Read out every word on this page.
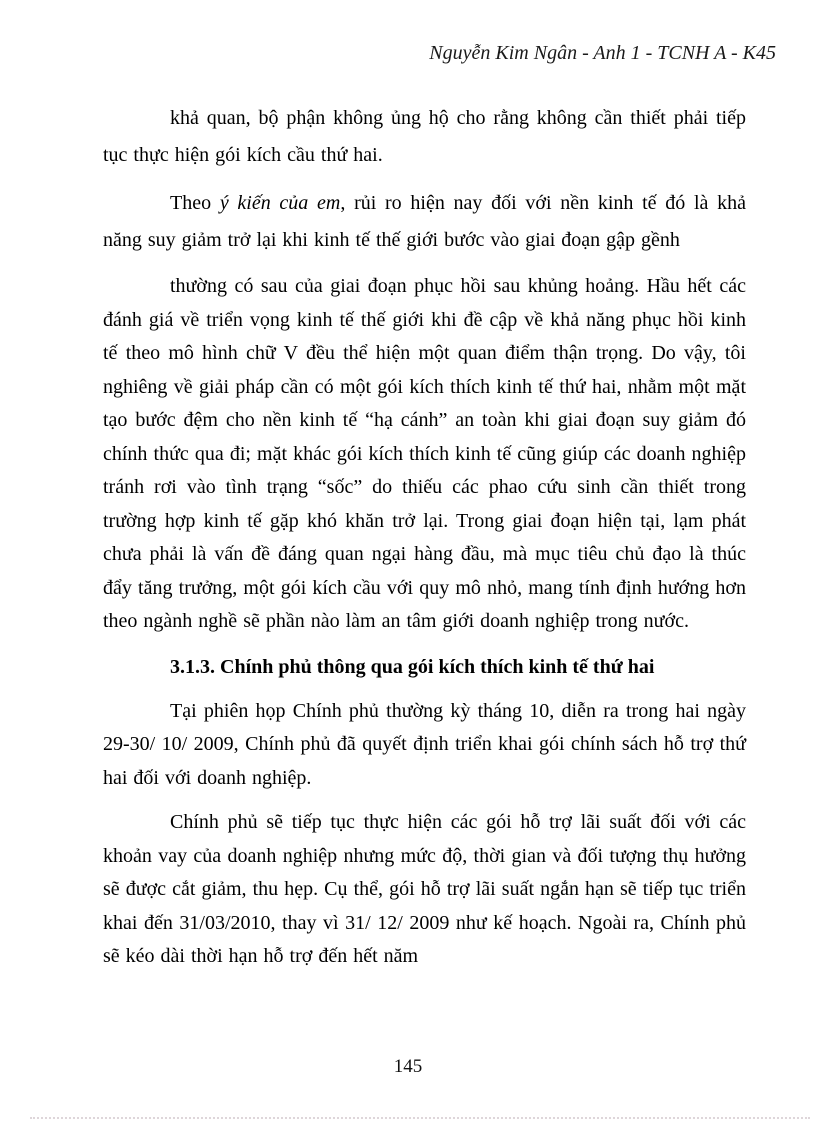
Nguyễn Kim Ngân - Anh 1 - TCNH A - K45

khả quan, bộ phận không ủng hộ cho rằng không cần thiết phải tiếp tục thực hiện gói kích cầu thứ hai.

Theo ý kiến của em, rủi ro hiện nay đối với nền kinh tế đó là khả năng suy giảm trở lại khi kinh tế thế giới bước vào giai đoạn gập gềnh

thường có sau của giai đoạn phục hồi sau khủng hoảng. Hầu hết các đánh giá về triển vọng kinh tế thế giới khi đề cập về khả năng phục hồi kinh tế theo mô hình chữ V đều thể hiện một quan điểm thận trọng. Do vậy, tôi nghiêng về giải pháp cần có một gói kích thích kinh tế thứ hai, nhằm một mặt tạo bước đệm cho nền kinh tế “hạ cánh” an toàn khi giai đoạn suy giảm đó chính thức qua đi; mặt khác gói kích thích kinh tế cũng giúp các doanh nghiệp tránh rơi vào tình trạng “sốc” do thiếu các phao cứu sinh cần thiết trong trường hợp kinh tế gặp khó khăn trở lại. Trong giai đoạn hiện tại, lạm phát chưa phải là vấn đề đáng quan ngại hàng đầu, mà mục tiêu chủ đạo là thúc đẩy tăng trưởng, một gói kích cầu với quy mô nhỏ, mang tính định hướng hơn theo ngành nghề sẽ phần nào làm an tâm giới doanh nghiệp trong nước.

3.1.3. Chính phủ thông qua gói kích thích kinh tế thứ hai

Tại phiên họp Chính phủ thường kỳ tháng 10, diễn ra trong hai ngày 29-30/ 10/ 2009, Chính phủ đã quyết định triển khai gói chính sách hỗ trợ thứ hai đối với doanh nghiệp.

Chính phủ sẽ tiếp tục thực hiện các gói hỗ trợ lãi suất đối với các khoản vay của doanh nghiệp nhưng mức độ, thời gian và đối tượng thụ hưởng sẽ được cắt giảm, thu hẹp. Cụ thể, gói hỗ trợ lãi suất ngắn hạn sẽ tiếp tục triển khai đến 31/03/2010, thay vì 31/ 12/ 2009 như kế hoạch. Ngoài ra, Chính phủ sẽ kéo dài thời hạn hỗ trợ đến hết năm

145
